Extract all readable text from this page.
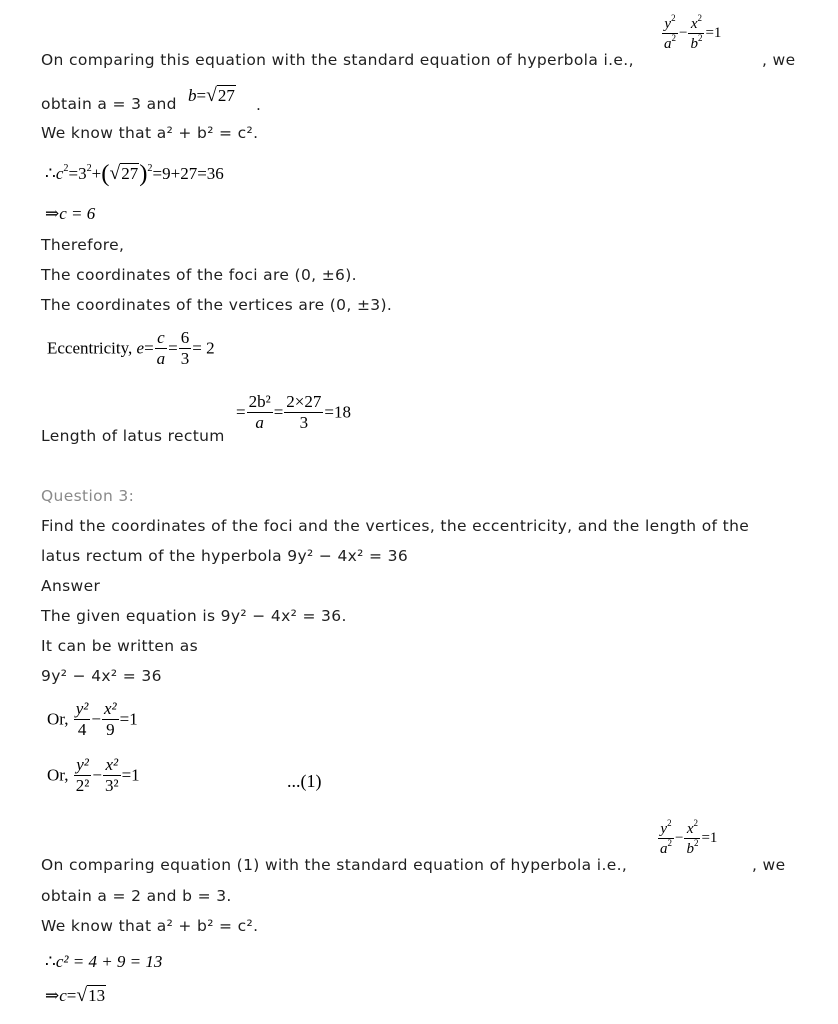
On comparing this equation with the standard equation of hyperbola i.e.,
$\frac{y^2}{a^2} - \frac{x^2}{b^2} =1$
, we
obtain a = 3 and b=√27 .
We know that a² + b² = c².
$\therefore c^2=3^2+(√27)^2=9+27=36$
⇒c = 6
Therefore,
The coordinates of the foci are (0, ±6).
The coordinates of the vertices are (0, ±3).
Eccentricity, $e= \frac{c}{a} = \frac{6}{3} = 2$
Length of latus rectum
= $\frac{\text{2b²}}{a} = \frac{2\times 27}{3} =18$
Question 3:
Find the coordinates of the foci and the vertices, the eccentricity, and the length of the
latus rectum of the hyperbola 9y² − 4x² = 36
Answer
The given equation is 9y² − 4x² = 36.
It can be written as
9y² − 4x² = 36
Or, $\frac{\text{y²}}{4} - \frac{\text{x²}}{9} =1$
Or, $\frac{\text{y²}}{\text{2²}} - \frac{\text{x²}}{\text{3²}} =1$	...(1)
On comparing equation (1) with the standard equation of hyperbola i.e.,
$\frac{y^2}{a^2} - \frac{x^2}{b^2} =1$
, we
obtain a = 2 and b = 3.
We know that a² + b² = c².
∴c² = 4 + 9 = 13
⇒c=√13
